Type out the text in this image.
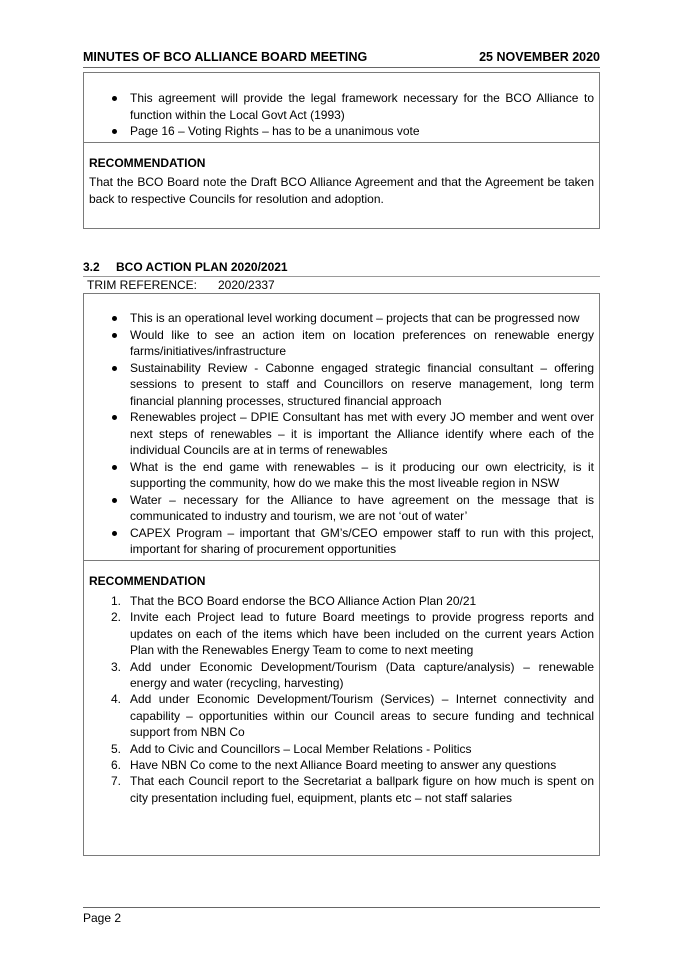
MINUTES OF BCO ALLIANCE BOARD MEETING	25 NOVEMBER 2020
This agreement will provide the legal framework necessary for the BCO Alliance to function within the Local Govt Act (1993)
Page 16 – Voting Rights – has to be a unanimous vote
RECOMMENDATION
That the BCO Board note the Draft BCO Alliance Agreement and that the Agreement be taken back to respective Councils for resolution and adoption.
3.2 BCO ACTION PLAN 2020/2021
TRIM REFERENCE: 2020/2337
This is an operational level working document – projects that can be progressed now
Would like to see an action item on location preferences on renewable energy farms/initiatives/infrastructure
Sustainability Review - Cabonne engaged strategic financial consultant – offering sessions to present to staff and Councillors on reserve management, long term financial planning processes, structured financial approach
Renewables project – DPIE Consultant has met with every JO member and went over next steps of renewables – it is important the Alliance identify where each of the individual Councils are at in terms of renewables
What is the end game with renewables – is it producing our own electricity, is it supporting the community, how do we make this the most liveable region in NSW
Water – necessary for the Alliance to have agreement on the message that is communicated to industry and tourism, we are not ‘out of water’
CAPEX Program – important that GM’s/CEO empower staff to run with this project, important for sharing of procurement opportunities
RECOMMENDATION
1. That the BCO Board endorse the BCO Alliance Action Plan 20/21
2. Invite each Project lead to future Board meetings to provide progress reports and updates on each of the items which have been included on the current years Action Plan with the Renewables Energy Team to come to next meeting
3. Add under Economic Development/Tourism (Data capture/analysis) – renewable energy and water (recycling, harvesting)
4. Add under Economic Development/Tourism (Services) – Internet connectivity and capability – opportunities within our Council areas to secure funding and technical support from NBN Co
5. Add to Civic and Councillors – Local Member Relations - Politics
6. Have NBN Co come to the next Alliance Board meeting to answer any questions
7. That each Council report to the Secretariat a ballpark figure on how much is spent on city presentation including fuel, equipment, plants etc – not staff salaries
Page 2
